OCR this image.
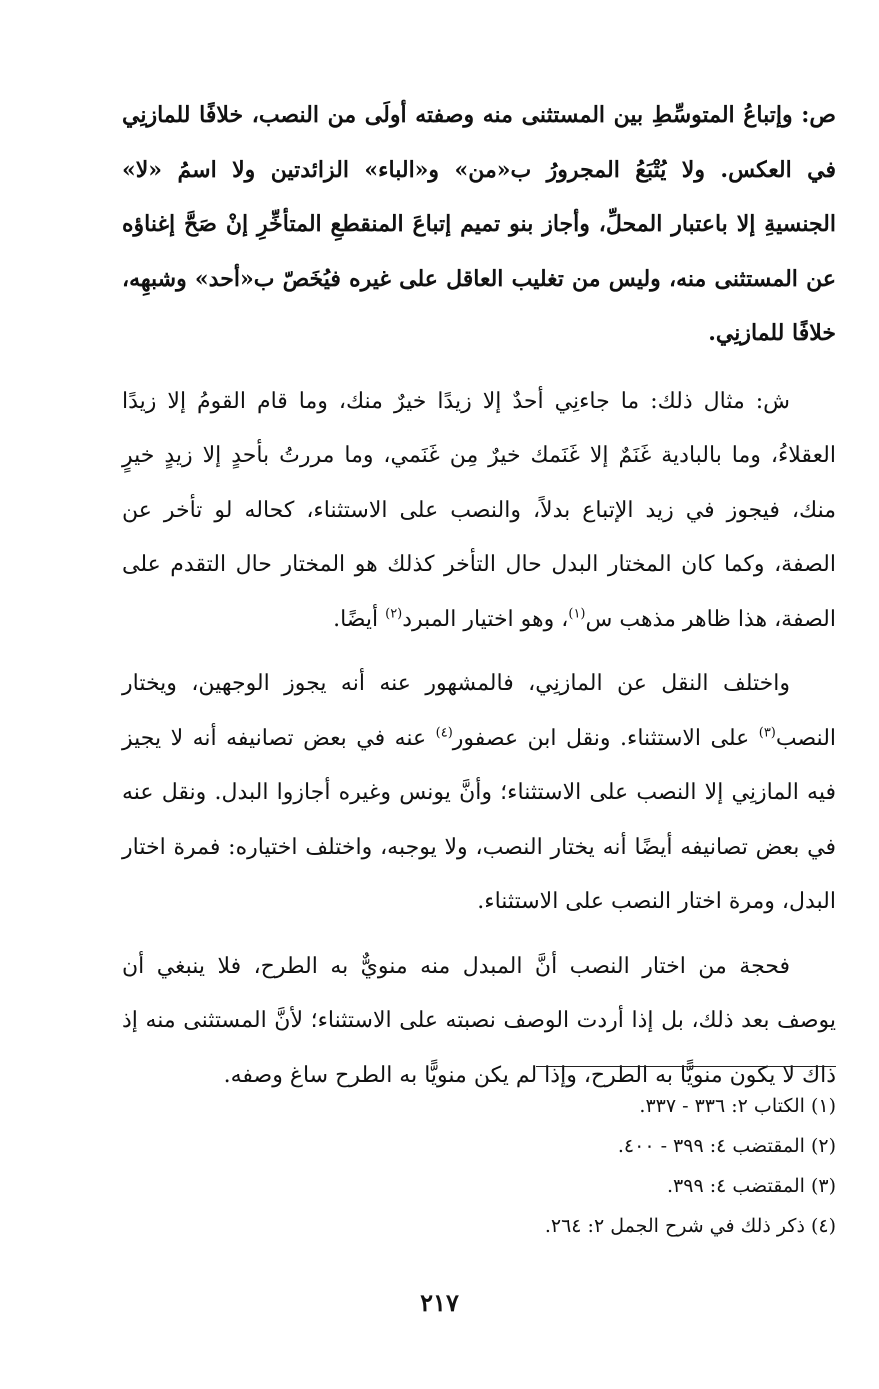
ص: وإتباعُ المتوسِّطِ بين المستثنى منه وصفته أولَى من النصب، خلافًا للمازنِي في العكس. ولا يُتْبَعُ المجرورُ ب«من» و«الباء» الزائدتين ولا اسمُ «لا» الجنسيةِ إلا باعتبار المحلِّ، وأجاز بنو تميم إتباعَ المنقطعِ المتأخِّرِ إنْ صَحَّ إغناؤه عن المستثنى منه، وليس من تغليب العاقل على غيره فيُخَصّ ب«أحد» وشبهِه، خلافًا للمازنِي.

ش: مثال ذلك: ما جاءنِي أحدٌ إلا زيدًا خيرٌ منك، وما قام القومُ إلا زيدًا العقلاءُ، وما بالبادية غَنَمٌ إلا غَنَمك خيرٌ مِن غَنَمي، وما مررتُ بأحدٍ إلا زيدٍ خيرٍ منك، فيجوز في زيد الإتباع بدلاً، والنصب على الاستثناء، كحاله لو تأخر عن الصفة، وكما كان المختار البدل حال التأخر كذلك هو المختار حال التقدم على الصفة، هذا ظاهر مذهب س$^{(١)}$، وهو اختيار المبرد$^{(٢)}$ أيضًا.

واختلف النقل عن المازنِي، فالمشهور عنه أنه يجوز الوجهين، ويختار النصب$^{(٣)}$ على الاستثناء. ونقل ابن عصفور$^{(٤)}$ عنه في بعض تصانيفه أنه لا يجيز فيه المازنِي إلا النصب على الاستثناء؛ وأنَّ يونس وغيره أجازوا البدل. ونقل عنه في بعض تصانيفه أيضًا أنه يختار النصب، ولا يوجبه، واختلف اختياره: فمرة اختار البدل، ومرة اختار النصب على الاستثناء.

فحجة من اختار النصب أنَّ المبدل منه منويٌّ به الطرح، فلا ينبغي أن يوصف بعد ذلك، بل إذا أردت الوصف نصبته على الاستثناء؛ لأنَّ المستثنى منه إذ ذاك لا يكون منويًّا به الطرح، وإذا لم يكن منويًّا به الطرح ساغ وصفه.

(١) الكتاب ٢: ٣٣٦ - ٣٣٧.

(٢) المقتضب ٤: ٣٩٩ - ٤٠٠.

(٣) المقتضب ٤: ٣٩٩.

(٤) ذكر ذلك في شرح الجمل ٢: ٢٦٤.

٢١٧
